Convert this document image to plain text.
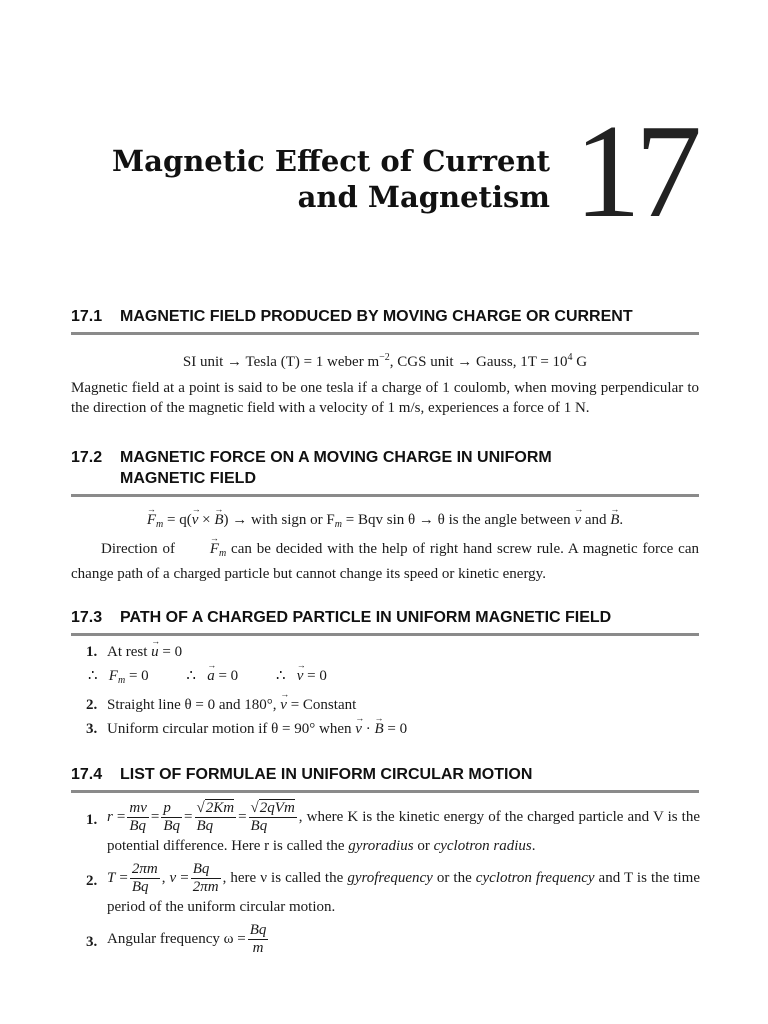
Magnetic Effect of Current
and Magnetism 17
17.1	MAGNETIC FIELD PRODUCED BY MOVING CHARGE OR CURRENT
SI unit → Tesla (T) = 1 weber $m^{-2}$, CGS unit → Gauss, $1T = 10^4$ G
Magnetic field at a point is said to be one tesla if a charge of 1 coulomb, when moving perpendicular to the direction of the magnetic field with a velocity of 1 m/s, experiences a force of 1 N.
17.2	MAGNETIC FORCE ON A MOVING CHARGE IN UNIFORM
MAGNETIC FIELD
$F \to_m = q(v$ → × B →) → with sign or $F_m$ = Bqv sin θ → θ is the angle between v → and B →.
Direction of $F \to_m$ can be decided with the help of right hand screw rule. A magnetic force can change path of a charged particle but cannot change its speed or kinetic energy.
17.3	PATH OF A CHARGED PARTICLE IN UNIFORM MAGNETIC FIELD
1. At rest u → = 0
∴ $F_m = 0$	∴ a → = 0	∴ v → = 0
2. Straight line θ = 0 and 180°, v → = Constant
3. Uniform circular motion if θ = 90° when v → · B → = 0
17.4	LIST OF FORMULAE IN UNIFORM CIRCULAR MOTION
1. $r = \frac{mv}{Bq} = \frac{p}{Bq} = \frac{√2Km}{Bq} = \frac{\text{√2qVm}}{Bq}$ , where K is the kinetic energy of the charged particle and V is the potential difference. Here r is called the gyroradius or cyclotron radius.
2. $T = \frac{2\pi m}{Bq}$ , $\nu = \frac{Bq}{2\pi m}$ , here ν is called the gyrofrequency or the cyclotron frequency and T is the time period of the uniform circular motion.
3. Angular frequency $\omega = \frac{Bq}{m}$
